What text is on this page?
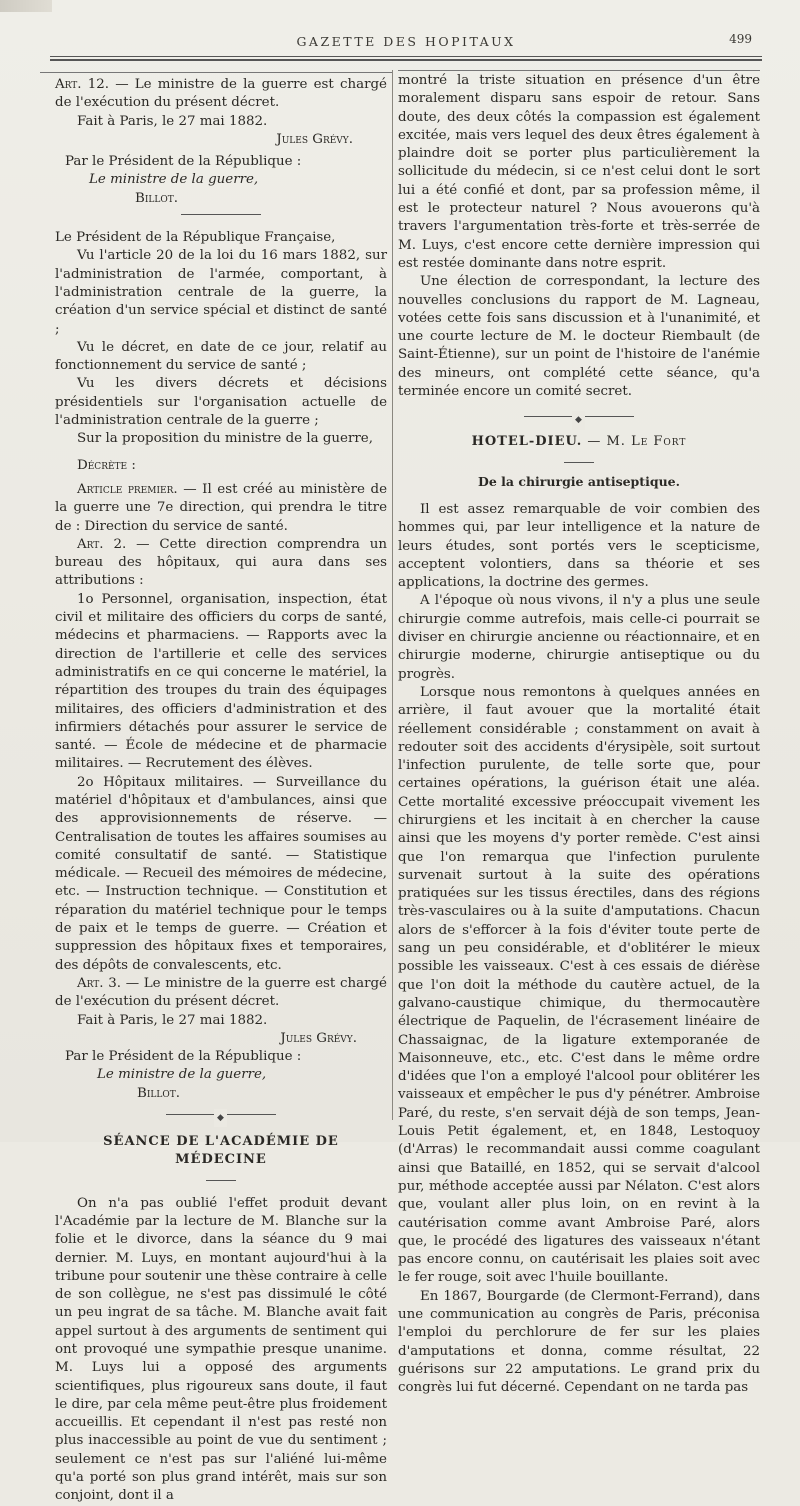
GAZETTE DES HOPITAUX	499

Art. 12. — Le ministre de la guerre est chargé de l'exécution du présent décret.

Fait à Paris, le 27 mai 1882.

Jules Grévy.

Par le Président de la République :

Le ministre de la guerre,

Billot.

Le Président de la République Française,

Vu l'article 20 de la loi du 16 mars 1882, sur l'administration de l'armée, comportant, à l'administration centrale de la guerre, la création d'un service spécial et distinct de santé ;

Vu le décret, en date de ce jour, relatif au fonctionnement du service de santé ;

Vu les divers décrets et décisions présidentiels sur l'organisation actuelle de l'administration centrale de la guerre ;

Sur la proposition du ministre de la guerre,

Décrète :

Article premier. — Il est créé au ministère de la guerre une 7e direction, qui prendra le titre de : Direction du service de santé.

Art. 2. — Cette direction comprendra un bureau des hôpitaux, qui aura dans ses attributions :

1o Personnel, organisation, inspection, état civil et militaire des officiers du corps de santé, médecins et pharmaciens. — Rapports avec la direction de l'artillerie et celle des services administratifs en ce qui concerne le matériel, la répartition des troupes du train des équipages militaires, des officiers d'administration et des infirmiers détachés pour assurer le service de santé. — École de médecine et de pharmacie militaires. — Recrutement des élèves.

2o Hôpitaux militaires. — Surveillance du matériel d'hôpitaux et d'ambulances, ainsi que des approvisionnements de réserve. — Centralisation de toutes les affaires soumises au comité consultatif de santé. — Statistique médicale. — Recueil des mémoires de médecine, etc. — Instruction technique. — Constitution et réparation du matériel technique pour le temps de paix et le temps de guerre. — Création et suppression des hôpitaux fixes et temporaires, des dépôts de convalescents, etc.

Art. 3. — Le ministre de la guerre est chargé de l'exécution du présent décret.

Fait à Paris, le 27 mai 1882.

Jules Grévy.

Par le Président de la République :

Le ministre de la guerre,

Billot.

◆
SÉANCE DE L'ACADÉMIE DE MÉDECINE

On n'a pas oublié l'effet produit devant l'Académie par la lecture de M. Blanche sur la folie et le divorce, dans la séance du 9 mai dernier. M. Luys, en montant aujourd'hui à la tribune pour soutenir une thèse contraire à celle de son collègue, ne s'est pas dissimulé le côté un peu ingrat de sa tâche. M. Blanche avait fait appel surtout à des arguments de sentiment qui ont provoqué une sympathie presque unanime. M. Luys lui a opposé des arguments scientifiques, plus rigoureux sans doute, il faut le dire, par cela même peut-être plus froidement accueillis. Et cependant il n'est pas resté non plus inaccessible au point de vue du sentiment ; seulement ce n'est pas sur l'aliéné lui-même qu'a porté son plus grand intérêt, mais sur son conjoint, dont il a

montré la triste situation en présence d'un être moralement disparu sans espoir de retour. Sans doute, des deux côtés la compassion est également excitée, mais vers lequel des deux êtres également à plaindre doit se porter plus particulièrement la sollicitude du médecin, si ce n'est celui dont le sort lui a été confié et dont, par sa profession même, il est le protecteur naturel ? Nous avouerons qu'à travers l'argumentation très-forte et très-serrée de M. Luys, c'est encore cette dernière impression qui est restée dominante dans notre esprit.

Une élection de correspondant, la lecture des nouvelles conclusions du rapport de M. Lagneau, votées cette fois sans discussion et à l'unanimité, et une courte lecture de M. le docteur Riembault (de Saint-Étienne), sur un point de l'histoire de l'anémie des mineurs, ont complété cette séance, qu'a terminée encore un comité secret.

◆
HOTEL-DIEU. — M. Le Fort
De la chirurgie antiseptique.

Il est assez remarquable de voir combien des hommes qui, par leur intelligence et la nature de leurs études, sont portés vers le scepticisme, acceptent volontiers, dans sa théorie et ses applications, la doctrine des germes.

A l'époque où nous vivons, il n'y a plus une seule chirurgie comme autrefois, mais celle-ci pourrait se diviser en chirurgie ancienne ou réactionnaire, et en chirurgie moderne, chirurgie antiseptique ou du progrès.

Lorsque nous remontons à quelques années en arrière, il faut avouer que la mortalité était réellement considérable ; constamment on avait à redouter soit des accidents d'érysipèle, soit surtout l'infection purulente, de telle sorte que, pour certaines opérations, la guérison était une aléa. Cette mortalité excessive préoccupait vivement les chirurgiens et les incitait à en chercher la cause ainsi que les moyens d'y porter remède. C'est ainsi que l'on remarqua que l'infection purulente survenait surtout à la suite des opérations pratiquées sur les tissus érectiles, dans des régions très-vasculaires ou à la suite d'amputations. Chacun alors de s'efforcer à la fois d'éviter toute perte de sang un peu considérable, et d'oblitérer le mieux possible les vaisseaux. C'est à ces essais de diérèse que l'on doit la méthode du cautère actuel, de la galvano-caustique chimique, du thermocautère électrique de Paquelin, de l'écrasement linéaire de Chassaignac, de la ligature extemporanée de Maisonneuve, etc., etc. C'est dans le même ordre d'idées que l'on a employé l'alcool pour oblitérer les vaisseaux et empêcher le pus d'y pénétrer. Ambroise Paré, du reste, s'en servait déjà de son temps, Jean-Louis Petit également, et, en 1848, Lestoquoy (d'Arras) le recommandait aussi comme coagulant ainsi que Bataillé, en 1852, qui se servait d'alcool pur, méthode acceptée aussi par Nélaton. C'est alors que, voulant aller plus loin, on en revint à la cautérisation comme avant Ambroise Paré, alors que, le procédé des ligatures des vaisseaux n'étant pas encore connu, on cautérisait les plaies soit avec le fer rouge, soit avec l'huile bouillante.

En 1867, Bourgarde (de Clermont-Ferrand), dans une communication au congrès de Paris, préconisa l'emploi du perchlorure de fer sur les plaies d'amputations et donna, comme résultat, 22 guérisons sur 22 amputations. Le grand prix du congrès lui fut décerné. Cependant on ne tarda pas
